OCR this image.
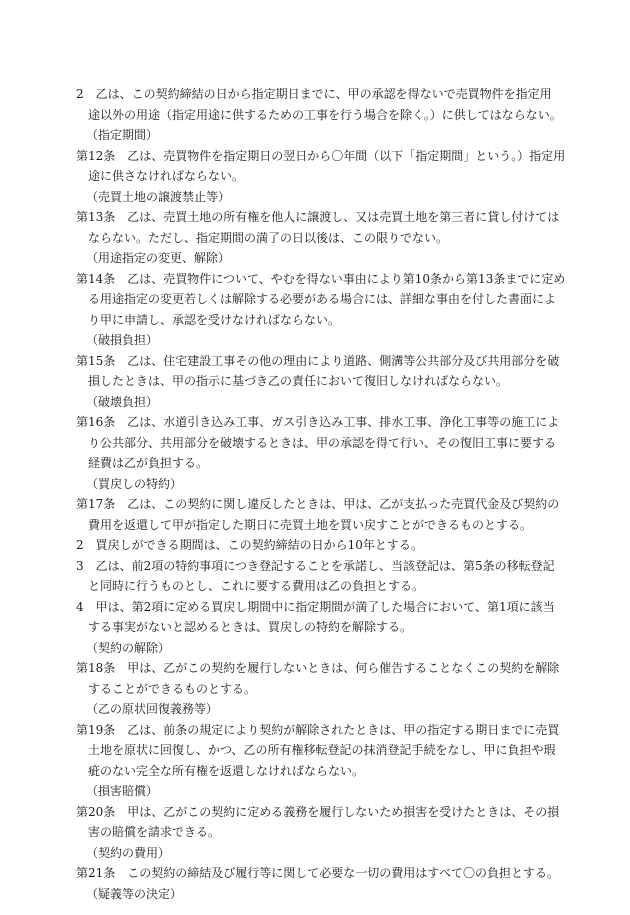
2　乙は、この契約締結の日から指定期日までに、甲の承認を得ないで売買物件を指定用
途以外の用途（指定用途に供するための工事を行う場合を除く。）に供してはならない。
（指定期間）
第12条　乙は、売買物件を指定期日の翌日から〇年間（以下「指定期間」という。）指定用
途に供さなければならない。
（売買土地の譲渡禁止等）
第13条　乙は、売買土地の所有権を他人に譲渡し、又は売買土地を第三者に貸し付けては
ならない。ただし、指定期間の満了の日以後は、この限りでない。
（用途指定の変更、解除）
第14条　乙は、売買物件について、やむを得ない事由により第10条から第13条までに定め
る用途指定の変更若しくは解除する必要がある場合には、詳細な事由を付した書面によ
り甲に申請し、承認を受けなければならない。
（破損負担）
第15条　乙は、住宅建設工事その他の理由により道路、側溝等公共部分及び共用部分を破
損したときは、甲の指示に基づき乙の責任において復旧しなければならない。
（破壊負担）
第16条　乙は、水道引き込み工事、ガス引き込み工事、排水工事、浄化工事等の施工によ
り公共部分、共用部分を破壊するときは、甲の承認を得て行い、その復旧工事に要する
経費は乙が負担する。
（買戻しの特約）
第17条　乙は、この契約に関し違反したときは、甲は、乙が支払った売買代金及び契約の
費用を返還して甲が指定した期日に売買土地を買い戻すことができるものとする。
2　買戻しができる期間は、この契約締結の日から10年とする。
3　乙は、前2項の特約事項につき登記することを承諾し、当該登記は、第5条の移転登記
と同時に行うものとし、これに要する費用は乙の負担とする。
4　甲は、第2項に定める買戻し期間中に指定期間が満了した場合において、第1項に該当
する事実がないと認めるときは、買戻しの特約を解除する。
（契約の解除）
第18条　甲は、乙がこの契約を履行しないときは、何ら催告することなくこの契約を解除
することができるものとする。
（乙の原状回復義務等）
第19条　乙は、前条の規定により契約が解除されたときは、甲の指定する期日までに売買
土地を原状に回復し、かつ、乙の所有権移転登記の抹消登記手続をなし、甲に負担や瑕
疵のない完全な所有権を返還しなければならない。
（損害賠償）
第20条　甲は、乙がこの契約に定める義務を履行しないため損害を受けたときは、その損
害の賠償を請求できる。
（契約の費用）
第21条　この契約の締結及び履行等に関して必要な一切の費用はすべて〇の負担とする。
（疑義等の決定）
